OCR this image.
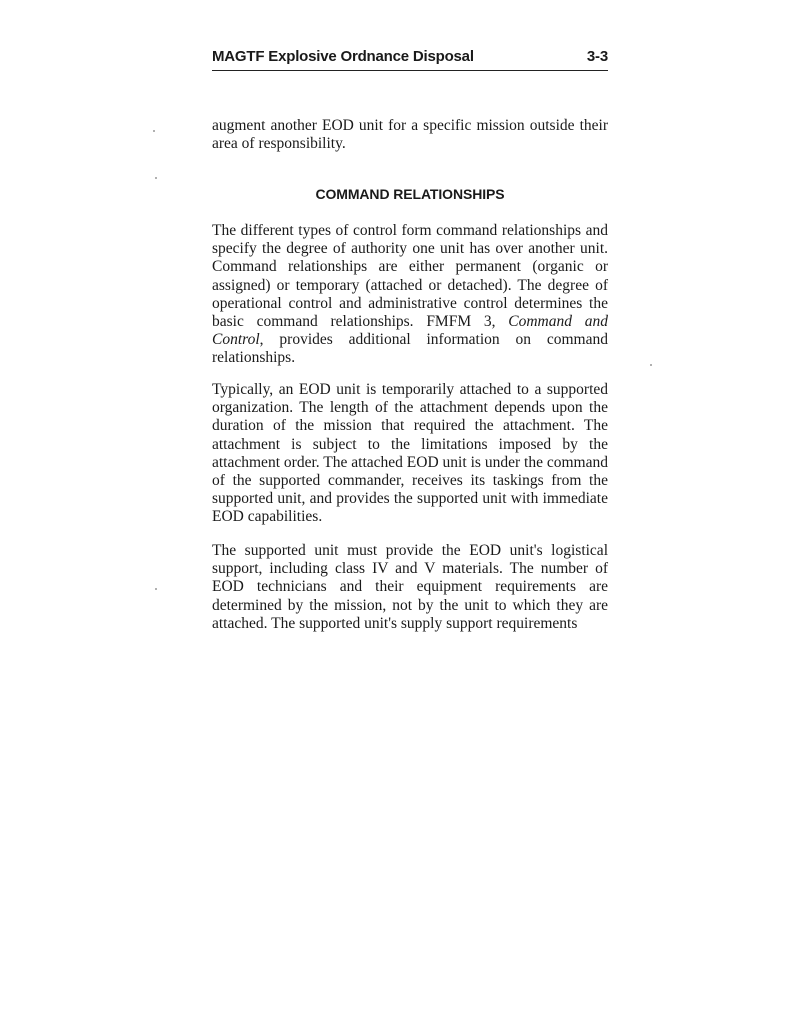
MAGTF Explosive Ordnance Disposal	3-3

augment another EOD unit for a specific mission outside their area of responsibility.

COMMAND RELATIONSHIPS

The different types of control form command relationships and specify the degree of authority one unit has over another unit. Command relationships are either permanent (organic or assigned) or temporary (attached or detached). The degree of operational control and administrative control determines the basic command relationships. FMFM 3, Command and Control, provides additional information on command relationships.

Typically, an EOD unit is temporarily attached to a supported organization. The length of the attachment depends upon the duration of the mission that required the attachment. The attachment is subject to the limitations imposed by the attachment order. The attached EOD unit is under the command of the supported commander, receives its taskings from the supported unit, and provides the supported unit with immediate EOD capabilities.

The supported unit must provide the EOD unit's logistical support, including class IV and V materials. The number of EOD technicians and their equipment requirements are determined by the mission, not by the unit to which they are attached. The supported unit's supply support requirements
